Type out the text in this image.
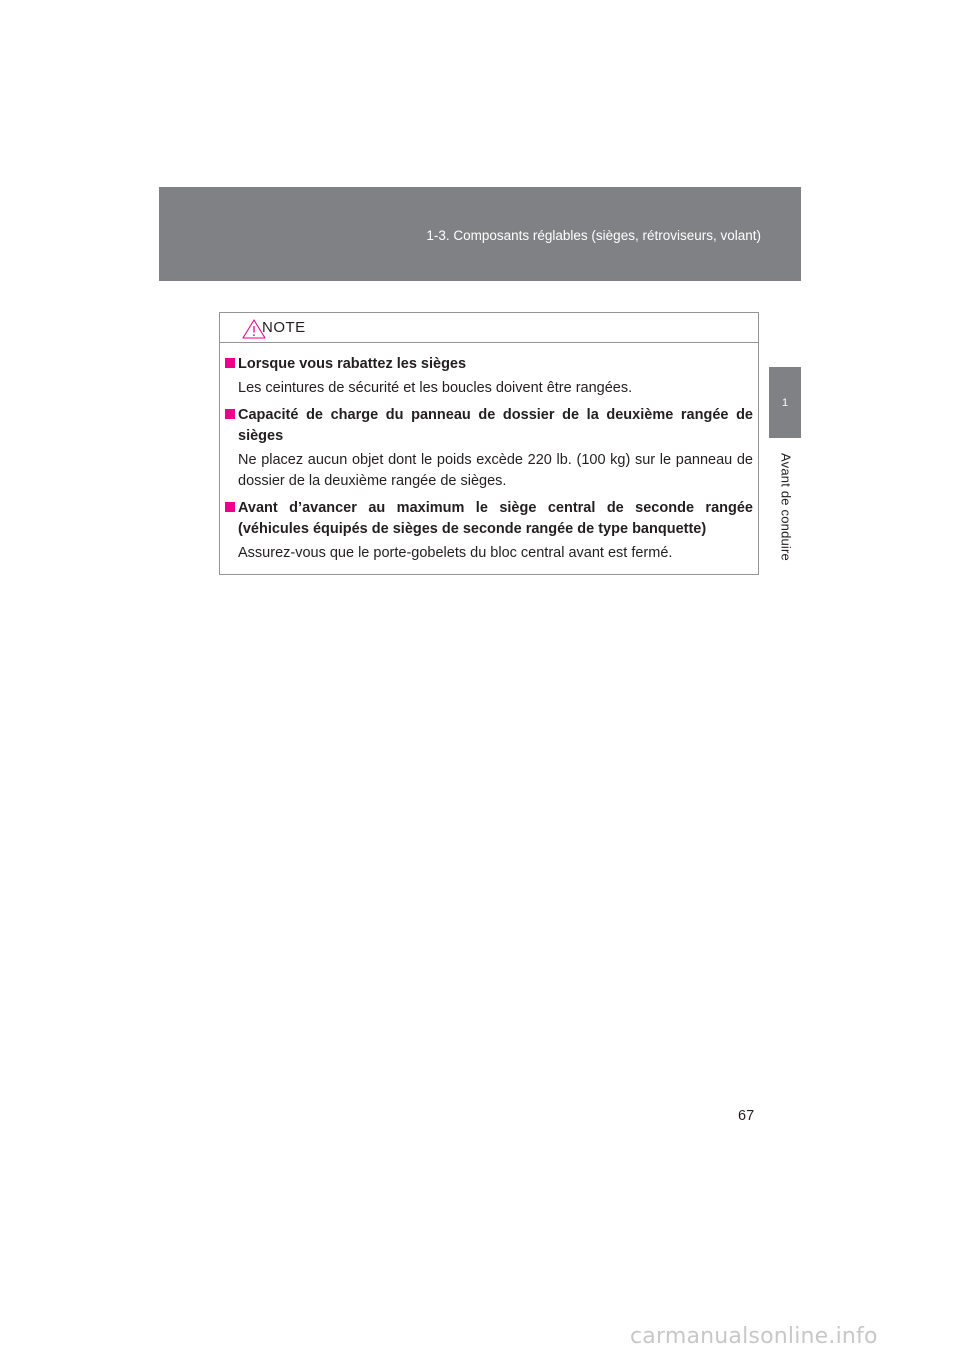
1-3. Composants réglables (sièges, rétroviseurs, volant)
1
Avant de conduire
NOTE
Lorsque vous rabattez les sièges
Les ceintures de sécurité et les boucles doivent être rangées.
Capacité de charge du panneau de dossier de la deuxième rangée de sièges
Ne placez aucun objet dont le poids excède 220 lb. (100 kg) sur le panneau de dossier de la deuxième rangée de sièges.
Avant d’avancer au maximum le siège central de seconde rangée (véhicules équipés de sièges de seconde rangée de type banquette)
Assurez-vous que le porte-gobelets du bloc central avant est fermé.
67
carmanualsonline.info
